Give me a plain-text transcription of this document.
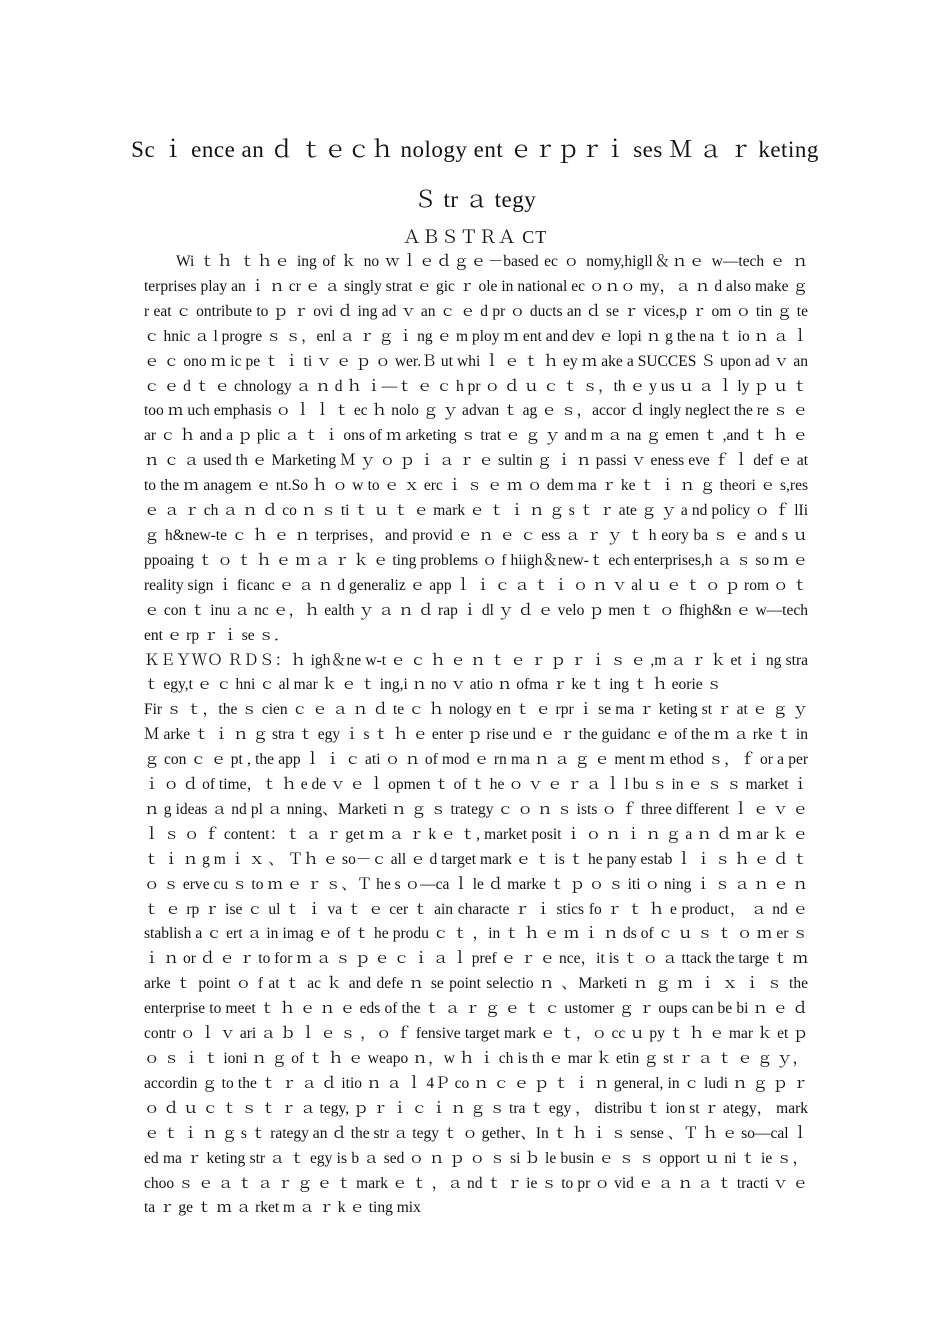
Sc ｉ ence an ｄ ｔｅｃｈ nology ent ｅｒｐｒｉ ses Ｍ ａ ｒ keting
Ｓ tr ａ tegy
ＡＢＳＴＲＡ CT

Wi ｔｈ ｔｈｅ ing of ｋ no ｗｌｅｄｇｅ－based ec ｏ nomy,higll＆ｎｅ w—tech ｅ ｎ terprises play an ｉ ｎ cr ｅ ａ singly strat ｅ gic ｒ ole in national ec ｏｎｏ my，ａ ｎ d also make ｇ r eat ｃ ontribute to ｐ ｒ ovi ｄ ing ad ｖ an ｃ ｅ d pr ｏ ducts an ｄ se ｒ vices,p ｒ om ｏ tin ｇ te ｃ hnic ａ l progre ｓ ｓ，enl ａ ｒ ｇ ｉ ng ｅ m ploy ｍ ent and dev ｅ lopi ｎ g the na ｔ io ｎ ａ ｌ ｅ ｃ ono ｍ ic pe ｔ ｉ ti ｖ ｅ ｐ ｏ wer.Ｂ ut whi ｌ ｅ ｔ ｈ ey ｍ ake a SUCCES Ｓ upon ad ｖ an ｃ ｅ d ｔ ｅ chnology ａ ｎ d ｈ ｉ—ｔ ｅ ｃ h pr ｏ ｄ ｕ ｃ ｔ ｓ，th ｅ y us ｕ ａ ｌ ly ｐ ｕ ｔ too ｍ uch emphasis ｏ ｌ ｌ ｔ ec ｈ nolo ｇ ｙ advan ｔ ag ｅ ｓ，accor ｄ ingly neglect the re ｓ ｅ ar ｃ ｈ and a ｐ plic ａ ｔ ｉ ons of ｍ arketing ｓ trat ｅ ｇ ｙ and m ａ na ｇ emen ｔ ,and ｔ ｈ ｅ ｎ ｃ ａ used th ｅ Marketing Ｍ ｙ ｏ ｐ ｉ ａ ｒ ｅ sultin ｇ ｉ ｎ passi ｖ eness eve ｆ ｌ def ｅ at to the ｍ anagem ｅ nt.So ｈ ｏ w to ｅ ｘ erc ｉ ｓ ｅ ｍ ｏ dem ma ｒ ke ｔ ｉ ｎ ｇ theori ｅ s,res ｅ ａ ｒ ch ａ ｎ ｄ co ｎ ｓ ti ｔ ｕ ｔ ｅ mark ｅ ｔ ｉ ｎ ｇ s ｔ ｒ ate ｇ ｙ a nd policy ｏ ｆ lIi ｇ h&new-te ｃ ｈ ｅ ｎ terprises，and provid ｅ ｎ ｅ ｃ ess ａ ｒ ｙ ｔ h eory ba ｓ ｅ and s ｕ ppoaing ｔ ｏ ｔ ｈ ｅ ｍ ａ ｒ ｋ ｅ ting problems ｏ f hiigh＆new-ｔ ech enterprises,h ａ ｓ so ｍ ｅ reality sign ｉ ficanc ｅ ａ ｎ d generaliz ｅ app ｌ ｉ ｃ ａ ｔ ｉ ｏ ｎ ｖ al ｕ ｅ ｔ ｏ ｐ rom ｏ ｔ ｅ con ｔ inu ａ nc ｅ，ｈ ealth ｙ ａ ｎ ｄ rap ｉ dl ｙ ｄ ｅ velo ｐ men ｔ ｏ fhigh&n ｅ w—tech ent ｅ rp ｒ ｉ se ｓ．

ＫＥＹＷＯ ＲＤＳ：ｈ igh＆ne w-t ｅ ｃ ｈ ｅ ｎ ｔ ｅ ｒ ｐ ｒ ｉ ｓ ｅ ,m ａ ｒ ｋ et ｉ ng stra ｔ egy,t ｅ ｃ hni ｃ al mar ｋ ｅ ｔ ing,i ｎ no ｖ atio ｎ ofma ｒ ke ｔ ing ｔ ｈ eorie ｓ

Fir ｓ ｔ，the ｓ cien ｃ ｅ ａ ｎ ｄ te ｃ ｈ nology en ｔ ｅ rpr ｉ se ma ｒ keting st ｒ at ｅ ｇ ｙ Ｍ arke ｔ ｉ ｎ ｇ stra ｔ egy ｉ s ｔ ｈ ｅ enter ｐ rise und ｅ ｒ the guidanc ｅ of the ｍ ａ rke ｔ in ｇ con ｃ ｅ pt , the app ｌ ｉ ｃ ati ｏ ｎ of mod ｅ rn ma ｎ ａ ｇ ｅ ment ｍ ethod ｓ，ｆ or a per ｉ ｏ ｄ of time，ｔ ｈ e de ｖ ｅ ｌ opmen ｔ of ｔ he ｏ ｖ ｅ ｒ ａ ｌ l bu ｓ in ｅ ｓ ｓ market ｉ ｎ g ideas ａ nd pl ａ nning、Marketi ｎ ｇ ｓ trategy ｃ ｏ ｎ ｓ ists ｏ ｆ three different ｌ ｅ ｖ ｅ ｌ ｓ ｏ ｆ content：ｔ ａ ｒ get ｍ ａ ｒ k ｅ ｔ, market posit ｉ ｏ ｎ ｉ ｎ ｇ a ｎ ｄ ｍ ar ｋ ｅ ｔ ｉ ｎ g m ｉ ｘ 、 Ｔｈ ｅ so－ｃ all ｅ d target mark ｅ ｔ is ｔ he pany estab ｌ ｉ ｓ ｈ ｅ ｄ ｔ ｏ ｓ erve cu ｓ to ｍ ｅ ｒ ｓ、Ｔ he s ｏ—ca ｌ le ｄ marke ｔ ｐ ｏ ｓ iti ｏ ning ｉ ｓ ａ ｎ ｅ ｎ ｔ ｅ rp ｒ ise ｃ ul ｔ ｉ va ｔ ｅ cer ｔ ain characte ｒ ｉ stics fo ｒ ｔ ｈ e product， ａ nd ｅ stablish a ｃ ert ａ in imag ｅ of ｔ he produ ｃ ｔ ，in ｔ ｈ ｅ ｍ ｉ ｎ ds of ｃ ｕ ｓ ｔ ｏ ｍ er ｓ ｉ ｎ or ｄ ｅ ｒ to for ｍ ａ ｓ ｐ ｅ ｃ ｉ ａ ｌ pref ｅ ｒ ｅ nce，it is ｔ ｏ ａ ttack the targe ｔ ｍ arke ｔ point ｏ f at ｔ ac ｋ and defe ｎ se point selectio ｎ 、Marketi ｎ ｇ ｍ ｉ ｘ ｉ ｓ the enterprise to meet ｔ ｈ ｅ ｎ ｅ eds of the ｔ ａ ｒ ｇ ｅ ｔ ｃ ustomer ｇ ｒ oups can be bi ｎ ｅ ｄ contr ｏ ｌ ｖ ari ａ ｂ ｌ ｅ ｓ ，ｏ ｆ fensive target mark ｅ ｔ，ｏ cc ｕ py ｔ ｈ ｅ mar ｋ et ｐ ｏ ｓ ｉ ｔ ioni ｎ ｇ of ｔ ｈ ｅ weapo ｎ，w ｈ ｉ ch is th ｅ mar ｋ etin ｇ st ｒ ａ ｔ ｅ ｇ ｙ，accordin ｇ to the ｔ ｒ ａ ｄ itio ｎ ａ ｌ 4Ｐ co ｎ ｃ ｅ ｐ ｔ ｉ ｎ general, in ｃ ludi ｎ ｇ ｐ ｒ ｏ ｄ ｕ ｃ ｔ ｓ ｔ ｒ ａ tegy, ｐ ｒ ｉ ｃ ｉ ｎ ｇ ｓ tra ｔ egy ， distribu ｔ ion st ｒ ategy， mark ｅ ｔ ｉ ｎ ｇ s ｔ rategy an ｄ the str ａ tegy ｔ ｏ gether、In ｔ ｈ ｉ ｓ sense 、Ｔ ｈ ｅ so—cal ｌ ed ma ｒ keting str ａ ｔ egy is b ａ sed ｏ ｎ ｐ ｏ ｓ si ｂ le busin ｅ ｓ ｓ opport ｕ ni ｔ ie ｓ， choo ｓ ｅ ａ ｔ ａ ｒ ｇ ｅ ｔ mark ｅ ｔ ，ａ nd ｔ ｒ ie ｓ to pr ｏ vid ｅ ａ ｎ ａ ｔ tracti ｖ ｅ ta ｒ ge ｔ ｍ ａ rket m ａ ｒ k ｅ ting mix
